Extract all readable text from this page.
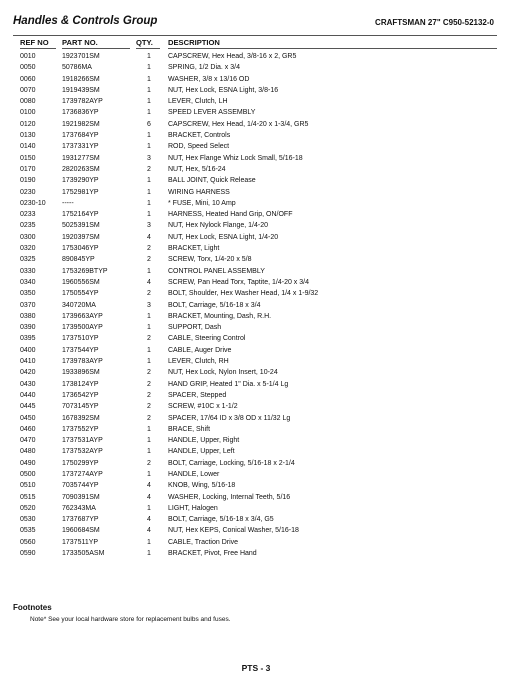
Handles & Controls Group	CRAFTSMAN 27" C950-52132-0
REF NO PART NO.	QTY. DESCRIPTION
0010	1923701SM	1	CAPSCREW, Hex Head, 3/8-16 x 2, GR5
0050	50786MA	1	SPRING, 1/2 Dia. x 3/4
0060	1918266SM	1	WASHER, 3/8 x 13/16 OD
0070	1919439SM	1	NUT, Hex Lock, ESNA Light, 3/8-16
0080	1739782AYP	1	LEVER, Clutch, LH
0100	1736836YP	1	SPEED LEVER ASSEMBLY
0120	1921982SM	6	CAPSCREW, Hex Head, 1/4-20 x 1-3/4, GR5
0130	1737684YP	1	BRACKET, Controls
0140	1737331YP	1	ROD, Speed Select
0150	1931277SM	3	NUT, Hex Flange Whiz Lock Small, 5/16-18
0170	2820263SM	2	NUT, Hex, 5/16-24
0190	1739290YP	1	BALL JOINT, Quick Release
0230	1752981YP	1	WIRING HARNESS
0230-10 -----	1	* FUSE, Mini, 10 Amp
0233	1752164YP	1	HARNESS, Heated Hand Grip, ON/OFF
0235	5025391SM	3	NUT, Hex Nylock Flange, 1/4-20
0300	1920397SM	4	NUT, Hex Lock, ESNA Light, 1/4-20
0320	1753046YP	2	BRACKET, Light
0325	890845YP	2	SCREW, Torx, 1/4-20 x 5/8
0330	1753269BTYP	1	CONTROL PANEL ASSEMBLY
0340	1960556SM	4	SCREW, Pan Head Torx, Taptite, 1/4-20 x 3/4
0350	1750554YP	2	BOLT, Shoulder, Hex Washer Head, 1/4 x 1-9/32
0370	340720MA	3	BOLT, Carriage, 5/16-18 x 3/4
0380	1739663AYP	1	BRACKET, Mounting, Dash, R.H.
0390	1739500AYP	1	SUPPORT, Dash
0395	1737510YP	2	CABLE, Steering Control
0400	1737544YP	1	CABLE, Auger Drive
0410	1739783AYP	1	LEVER, Clutch, RH
0420	1933896SM	2	NUT, Hex Lock, Nylon Insert, 10-24
0430	1738124YP	2	HAND GRIP, Heated 1" Dia. x 5-1/4 Lg
0440	1736542YP	2	SPACER, Stepped
0445	7073145YP	2	SCREW, #10C x 1-1/2
0450	1678392SM	2	SPACER, 17/64 ID x 3/8 OD x 11/32 Lg
0460	1737552YP	1	BRACE, Shift
0470	1737531AYP	1	HANDLE, Upper, Right
0480	1737532AYP	1	HANDLE, Upper, Left
0490	1750299YP	2	BOLT, Carriage, Locking, 5/16-18 x 2-1/4
0500	1737274AYP	1	HANDLE, Lower
0510	7035744YP	4	KNOB, Wing, 5/16-18
0515	7090391SM	4	WASHER, Locking, Internal Teeth, 5/16
0520	762343MA	1	LIGHT, Halogen
0530	1737687YP	4	BOLT, Carriage, 5/16-18 x 3/4, G5
0535	1960684SM	4	NUT, Hex KEPS, Conical Washer, 5/16-18
0560	1737511YP	1	CABLE, Traction Drive
0590	1733505ASM	1	BRACKET, Pivot, Free Hand
Footnotes
Note* See your local hardware store for replacement bulbs and fuses.
PTS - 3
